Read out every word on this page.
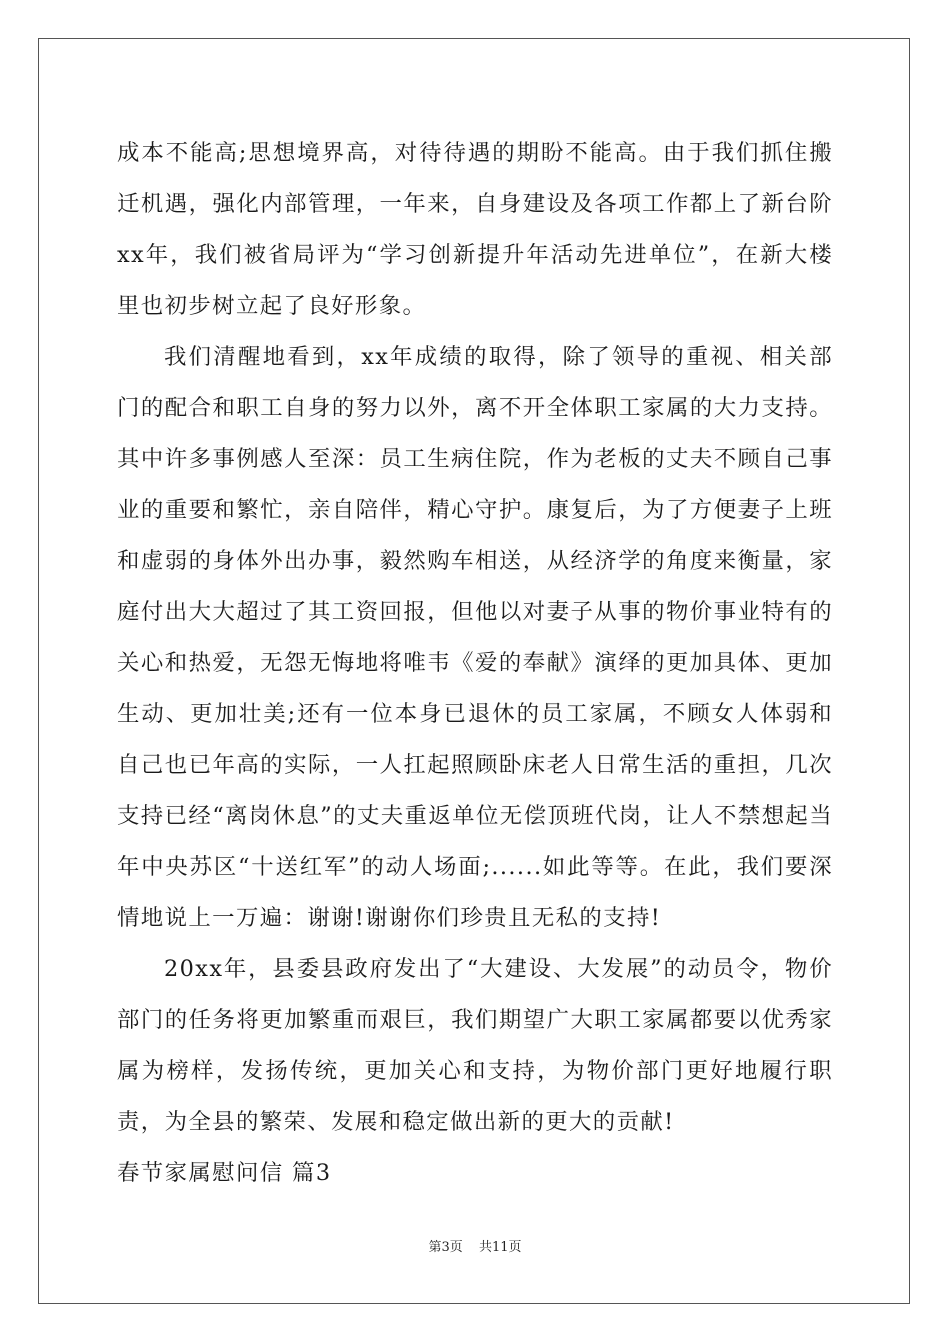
成本不能高;思想境界高，对待待遇的期盼不能高。由于我们抓住搬迁机遇，强化内部管理，一年来，自身建设及各项工作都上了新台阶xx年，我们被省局评为“学习创新提升年活动先进单位”，在新大楼里也初步树立起了良好形象。

我们清醒地看到，xx年成绩的取得，除了领导的重视、相关部门的配合和职工自身的努力以外，离不开全体职工家属的大力支持。其中许多事例感人至深：员工生病住院，作为老板的丈夫不顾自己事业的重要和繁忙，亲自陪伴，精心守护。康复后，为了方便妻子上班和虚弱的身体外出办事，毅然购车相送，从经济学的角度来衡量，家庭付出大大超过了其工资回报，但他以对妻子从事的物价事业特有的关心和热爱，无怨无悔地将唯韦《爱的奉献》演绎的更加具体、更加生动、更加壮美;还有一位本身已退休的员工家属，不顾女人体弱和自己也已年高的实际，一人扛起照顾卧床老人日常生活的重担，几次支持已经“离岗休息”的丈夫重返单位无偿顶班代岗，让人不禁想起当年中央苏区“十送红军”的动人场面;......如此等等。在此，我们要深情地说上一万遍：谢谢!谢谢你们珍贵且无私的支持!

20xx年，县委县政府发出了“大建设、大发展”的动员令，物价部门的任务将更加繁重而艰巨，我们期望广大职工家属都要以优秀家属为榜样，发扬传统，更加关心和支持，为物价部门更好地履行职责，为全县的繁荣、发展和稳定做出新的更大的贡献!

春节家属慰问信 篇3

第3页 共11页
